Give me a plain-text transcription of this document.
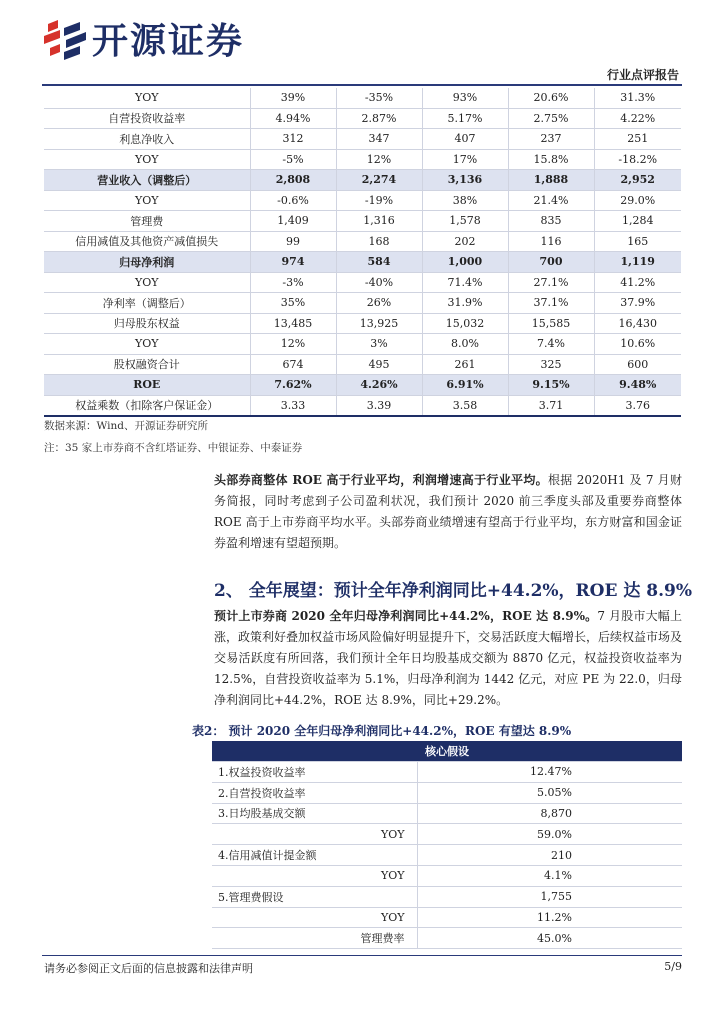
开源证券
行业点评报告
YOY	39%	-35%	93%	20.6%	31.3%
自营投资收益率	4.94%	2.87%	5.17%	2.75%	4.22%
利息净收入	312	347	407	237	251
YOY	-5%	12%	17%	15.8%	-18.2%
营业收入（调整后）	2,808	2,274	3,136	1,888	2,952
YOY	-0.6%	-19%	38%	21.4%	29.0%
管理费	1,409	1,316	1,578	835	1,284
信用减值及其他资产减值损失	99	168	202	116	165
归母净利润	974	584	1,000	700	1,119
YOY	-3%	-40%	71.4%	27.1%	41.2%
净利率（调整后）	35%	26%	31.9%	37.1%	37.9%
归母股东权益	13,485	13,925	15,032	15,585	16,430
YOY	12%	3%	8.0%	7.4%	10.6%
股权融资合计	674	495	261	325	600
ROE	7.62%	4.26%	6.91%	9.15%	9.48%
权益乘数（扣除客户保证金）	3.33	3.39	3.58	3.71	3.76
数据来源：Wind、开源证券研究所
注：35 家上市券商不含红塔证券、中银证券、中泰证券
头部券商整体 ROE 高于行业平均，利润增速高于行业平均。根据 2020H1 及 7 月财务简报，同时考虑到子公司盈利状况，我们预计 2020 前三季度头部及重要券商整体 ROE 高于上市券商平均水平。头部券商业绩增速有望高于行业平均，东方财富和国金证券盈利增速有望超预期。
2、 全年展望：预计全年净利润同比+44.2%，ROE 达 8.9%
预计上市券商 2020 全年归母净利润同比+44.2%，ROE 达 8.9%。7 月股市大幅上涨，政策利好叠加权益市场风险偏好明显提升下，交易活跃度大幅增长，后续权益市场及交易活跃度有所回落，我们预计全年日均股基成交额为 8870 亿元，权益投资收益率为 12.5%，自营投资收益率为 5.1%，归母净利润为 1442 亿元，对应 PE 为 22.0，归母净利润同比+44.2%，ROE 达 8.9%，同比+29.2%。
表2： 预计 2020 全年归母净利润同比+44.2%，ROE 有望达 8.9%
核心假设	
1.权益投资收益率	12.47%
2.自营投资收益率	5.05%
3.日均股基成交额	8,870
YOY	59.0%
4.信用减值计提金额	210
YOY	4.1%
5.管理费假设	1,755
YOY	11.2%
管理费率	45.0%
请务必参阅正文后面的信息披露和法律声明	5/9
